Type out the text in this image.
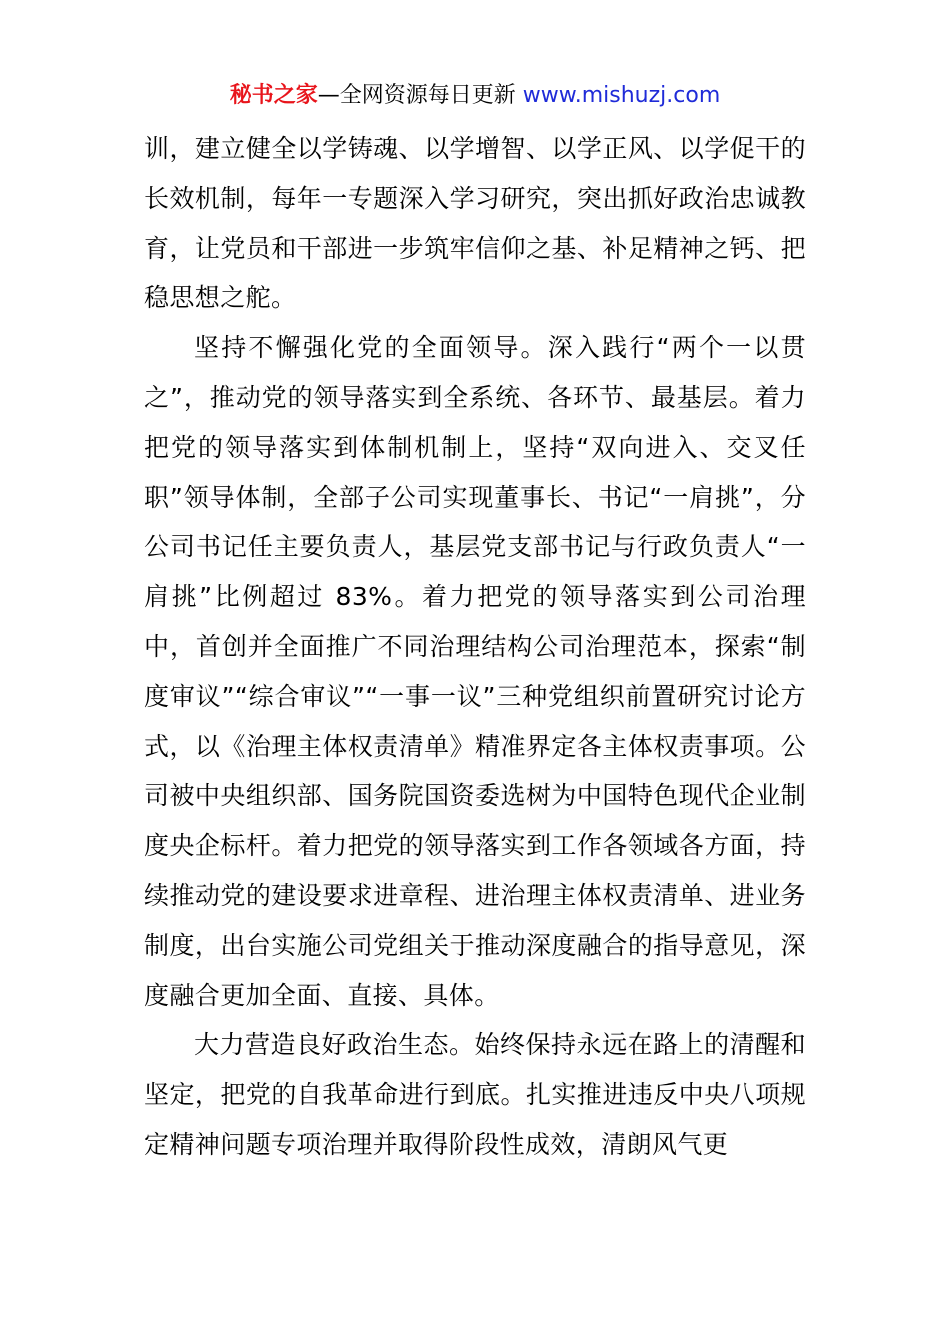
秘书之家—全网资源每日更新 www.mishuzj.com

训，建立健全以学铸魂、以学增智、以学正风、以学促干的长效机制，每年一专题深入学习研究，突出抓好政治忠诚教育，让党员和干部进一步筑牢信仰之基、补足精神之钙、把稳思想之舵。

坚持不懈强化党的全面领导。深入践行“两个一以贯之”，推动党的领导落实到全系统、各环节、最基层。着力把党的领导落实到体制机制上，坚持“双向进入、交叉任职”领导体制，全部子公司实现董事长、书记“一肩挑”，分公司书记任主要负责人，基层党支部书记与行政负责人“一肩挑”比例超过 83%。着力把党的领导落实到公司治理中，首创并全面推广不同治理结构公司治理范本，探索“制度审议”“综合审议”“一事一议”三种党组织前置研究讨论方式，以《治理主体权责清单》精准界定各主体权责事项。公司被中央组织部、国务院国资委选树为中国特色现代企业制度央企标杆。着力把党的领导落实到工作各领域各方面，持续推动党的建设要求进章程、进治理主体权责清单、进业务制度，出台实施公司党组关于推动深度融合的指导意见，深度融合更加全面、直接、具体。

大力营造良好政治生态。始终保持永远在路上的清醒和坚定，把党的自我革命进行到底。扎实推进违反中央八项规定精神问题专项治理并取得阶段性成效，清朗风气更
